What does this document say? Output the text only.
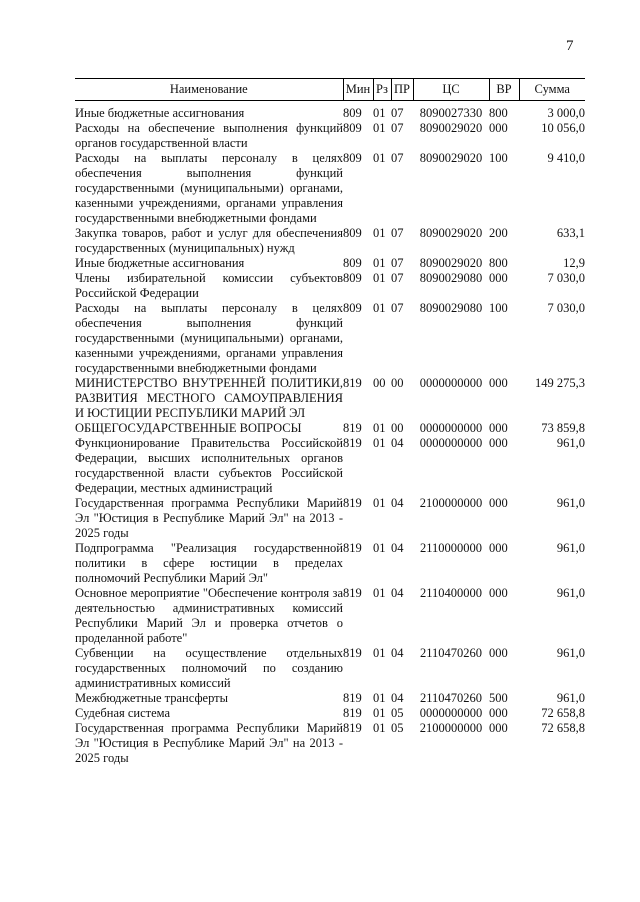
7
Наименование	Мин	Рз	ПР	ЦС	ВР	Сумма

Иные бюджетные ассигнования	809	01	07	8090027330	800	3 000,0
Расходы на обеспечение выполнения функций органов государственной власти	809	01	07	8090029020	000	10 056,0
Расходы на выплаты персоналу в целях обеспечения выполнения функций государственными (муниципальными) органами, казенными учреждениями, органами управления государственными внебюджетными фондами	809	01	07	8090029020	100	9 410,0
Закупка товаров, работ и услуг для обеспечения государственных (муниципальных) нужд	809	01	07	8090029020	200	633,1
Иные бюджетные ассигнования	809	01	07	8090029020	800	12,9
Члены избирательной комиссии субъектов Российской Федерации	809	01	07	8090029080	000	7 030,0
Расходы на выплаты персоналу в целях обеспечения выполнения функций государственными (муниципальными) органами, казенными учреждениями, органами управления государственными внебюджетными фондами	809	01	07	8090029080	100	7 030,0
МИНИСТЕРСТВО ВНУТРЕННЕЙ ПОЛИТИКИ, РАЗВИТИЯ МЕСТНОГО САМОУПРАВЛЕНИЯ И ЮСТИЦИИ РЕСПУБЛИКИ МАРИЙ ЭЛ	819	00	00	0000000000	000	149 275,3
ОБЩЕГОСУДАРСТВЕННЫЕ ВОПРОСЫ	819	01	00	0000000000	000	73 859,8
Функционирование Правительства Российской Федерации, высших исполнительных органов государственной власти субъектов Российской Федерации, местных администраций	819	01	04	0000000000	000	961,0
Государственная программа Республики Марий Эл "Юстиция в Республике Марий Эл" на 2013 - 2025 годы	819	01	04	2100000000	000	961,0
Подпрограмма "Реализация государственной политики в сфере юстиции в пределах полномочий Республики Марий Эл"	819	01	04	2110000000	000	961,0
Основное мероприятие "Обеспечение контроля за деятельностью административных комиссий Республики Марий Эл и проверка отчетов о проделанной работе"	819	01	04	2110400000	000	961,0
Субвенции на осуществление отдельных государственных полномочий по созданию административных комиссий	819	01	04	2110470260	000	961,0
Межбюджетные трансферты	819	01	04	2110470260	500	961,0
Судебная система	819	01	05	0000000000	000	72 658,8
Государственная программа Республики Марий Эл "Юстиция в Республике Марий Эл" на 2013 - 2025 годы	819	01	05	2100000000	000	72 658,8
